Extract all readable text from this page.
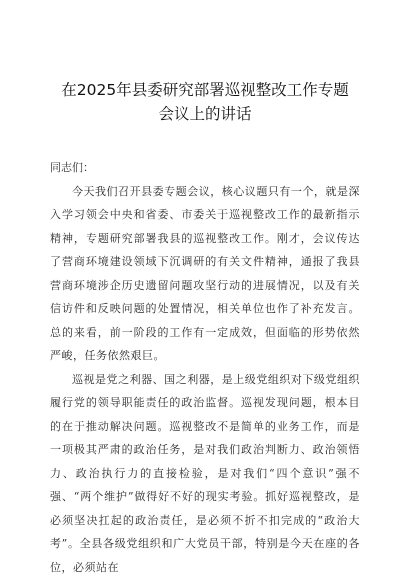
在2025年县委研究部署巡视整改工作专题会议上的讲话

同志们：

今天我们召开县委专题会议，核心议题只有一个，就是深入学习领会中央和省委、市委关于巡视整改工作的最新指示精神，专题研究部署我县的巡视整改工作。刚才，会议传达了营商环境建设领域下沉调研的有关文件精神，通报了我县营商环境涉企历史遗留问题攻坚行动的进展情况，以及有关信访件和反映问题的处置情况，相关单位也作了补充发言。总的来看，前一阶段的工作有一定成效，但面临的形势依然严峻，任务依然艰巨。

巡视是党之利器、国之利器，是上级党组织对下级党组织履行党的领导职能责任的政治监督。巡视发现问题，根本目的在于推动解决问题。巡视整改不是简单的业务工作，而是一项极其严肃的政治任务，是对我们政治判断力、政治领悟力、政治执行力的直接检验，是对我们“四个意识”强不强、“两个维护”做得好不好的现实考验。抓好巡视整改，是必须坚决扛起的政治责任，是必须不折不扣完成的“政治大考”。全县各级党组织和广大党员干部，特别是今天在座的各位，必须站在
